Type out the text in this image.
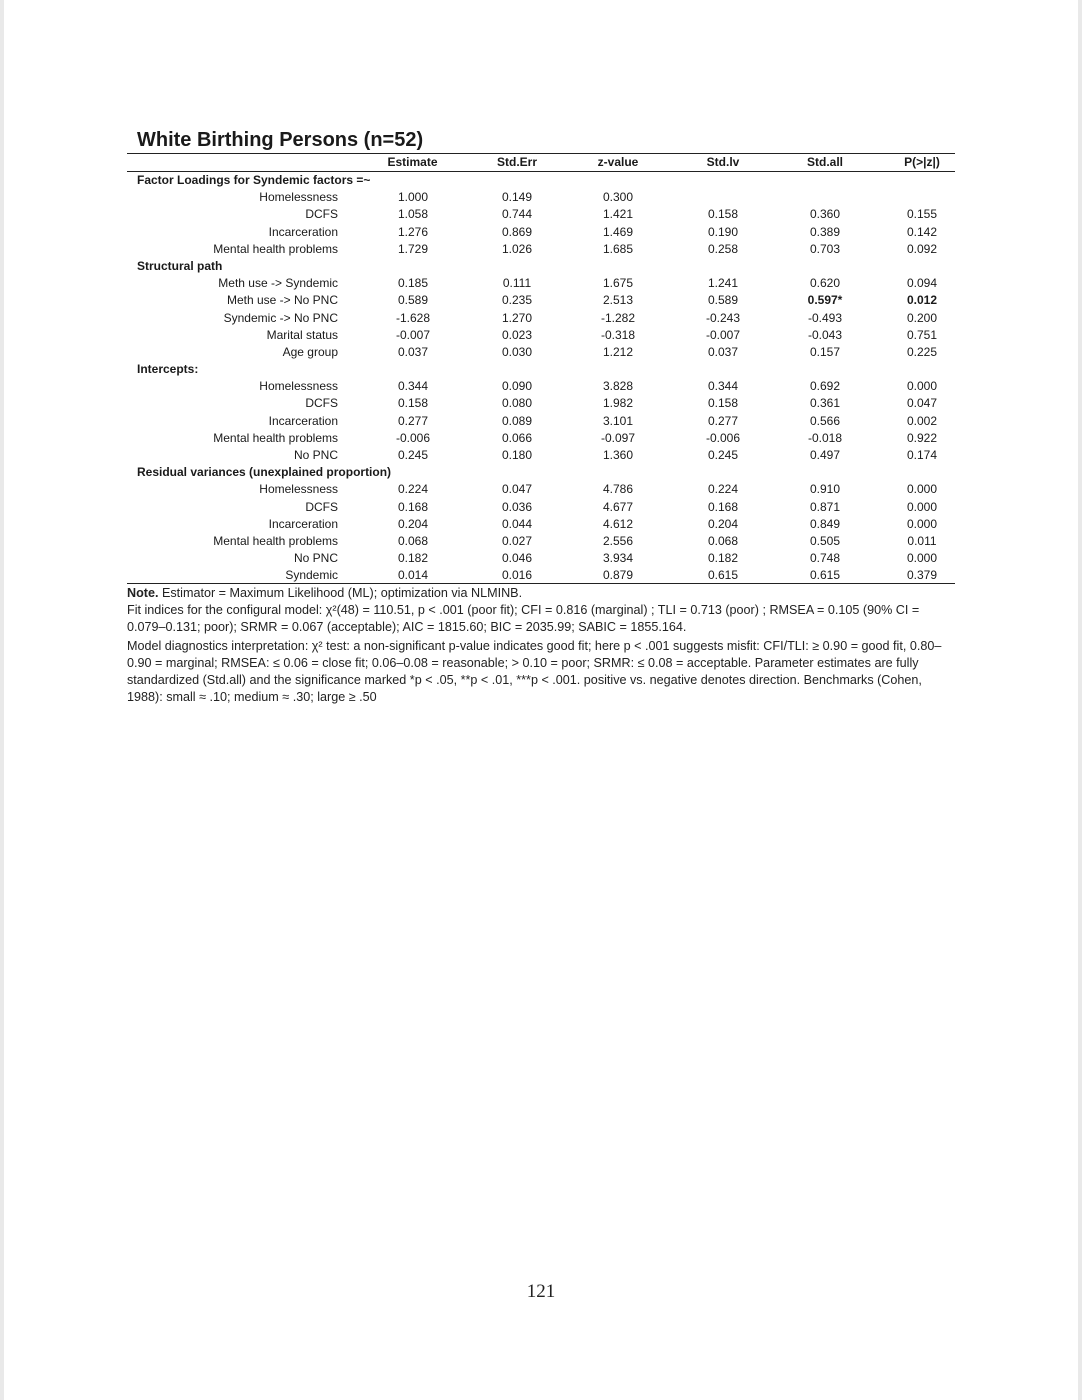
White Birthing Persons (n=52)
Estimate	Std.Err	z-value	Std.lv	Std.all	P(>|z|)
Factor Loadings for Syndemic factors =~
Homelessness	1.000	0.149	0.300
DCFS	1.058	0.744	1.421	0.158	0.360	0.155
Incarceration	1.276	0.869	1.469	0.190	0.389	0.142
Mental health problems	1.729	1.026	1.685	0.258	0.703	0.092
Structural path
Meth use -> Syndemic	0.185	0.111	1.675	1.241	0.620	0.094
Meth use -> No PNC	0.589	0.235	2.513	0.589	0.597*	0.012
Syndemic -> No PNC	-1.628	1.270	-1.282	-0.243	-0.493	0.200
Marital status	-0.007	0.023	-0.318	-0.007	-0.043	0.751
Age group	0.037	0.030	1.212	0.037	0.157	0.225
Intercepts:
Homelessness	0.344	0.090	3.828	0.344	0.692	0.000
DCFS	0.158	0.080	1.982	0.158	0.361	0.047
Incarceration	0.277	0.089	3.101	0.277	0.566	0.002
Mental health problems	-0.006	0.066	-0.097	-0.006	-0.018	0.922
No PNC	0.245	0.180	1.360	0.245	0.497	0.174
Residual variances (unexplained proportion)
Homelessness	0.224	0.047	4.786	0.224	0.910	0.000
DCFS	0.168	0.036	4.677	0.168	0.871	0.000
Incarceration	0.204	0.044	4.612	0.204	0.849	0.000
Mental health problems	0.068	0.027	2.556	0.068	0.505	0.011
No PNC	0.182	0.046	3.934	0.182	0.748	0.000
Syndemic	0.014	0.016	0.879	0.615	0.615	0.379

Note. Estimator = Maximum Likelihood (ML); optimization via NLMINB.

Fit indices for the configural model: χ²(48) = 110.51, p < .001 (poor fit); CFI = 0.816 (marginal) ; TLI = 0.713 (poor) ; RMSEA = 0.105 (90% CI = 0.079–0.131; poor); SRMR = 0.067 (acceptable); AIC = 1815.60; BIC = 2035.99; SABIC = 1855.164.

Model diagnostics interpretation: χ² test: a non-significant p-value indicates good fit; here p < .001 suggests misfit: CFI/TLI: ≥ 0.90 = good fit, 0.80–0.90 = marginal; RMSEA: ≤ 0.06 = close fit; 0.06–0.08 = reasonable; > 0.10 = poor; SRMR: ≤ 0.08 = acceptable. Parameter estimates are fully standardized (Std.all) and the significance marked *p < .05, **p < .01, ***p < .001. positive vs. negative denotes direction. Benchmarks (Cohen, 1988): small ≈ .10; medium ≈ .30; large ≥ .50

121
